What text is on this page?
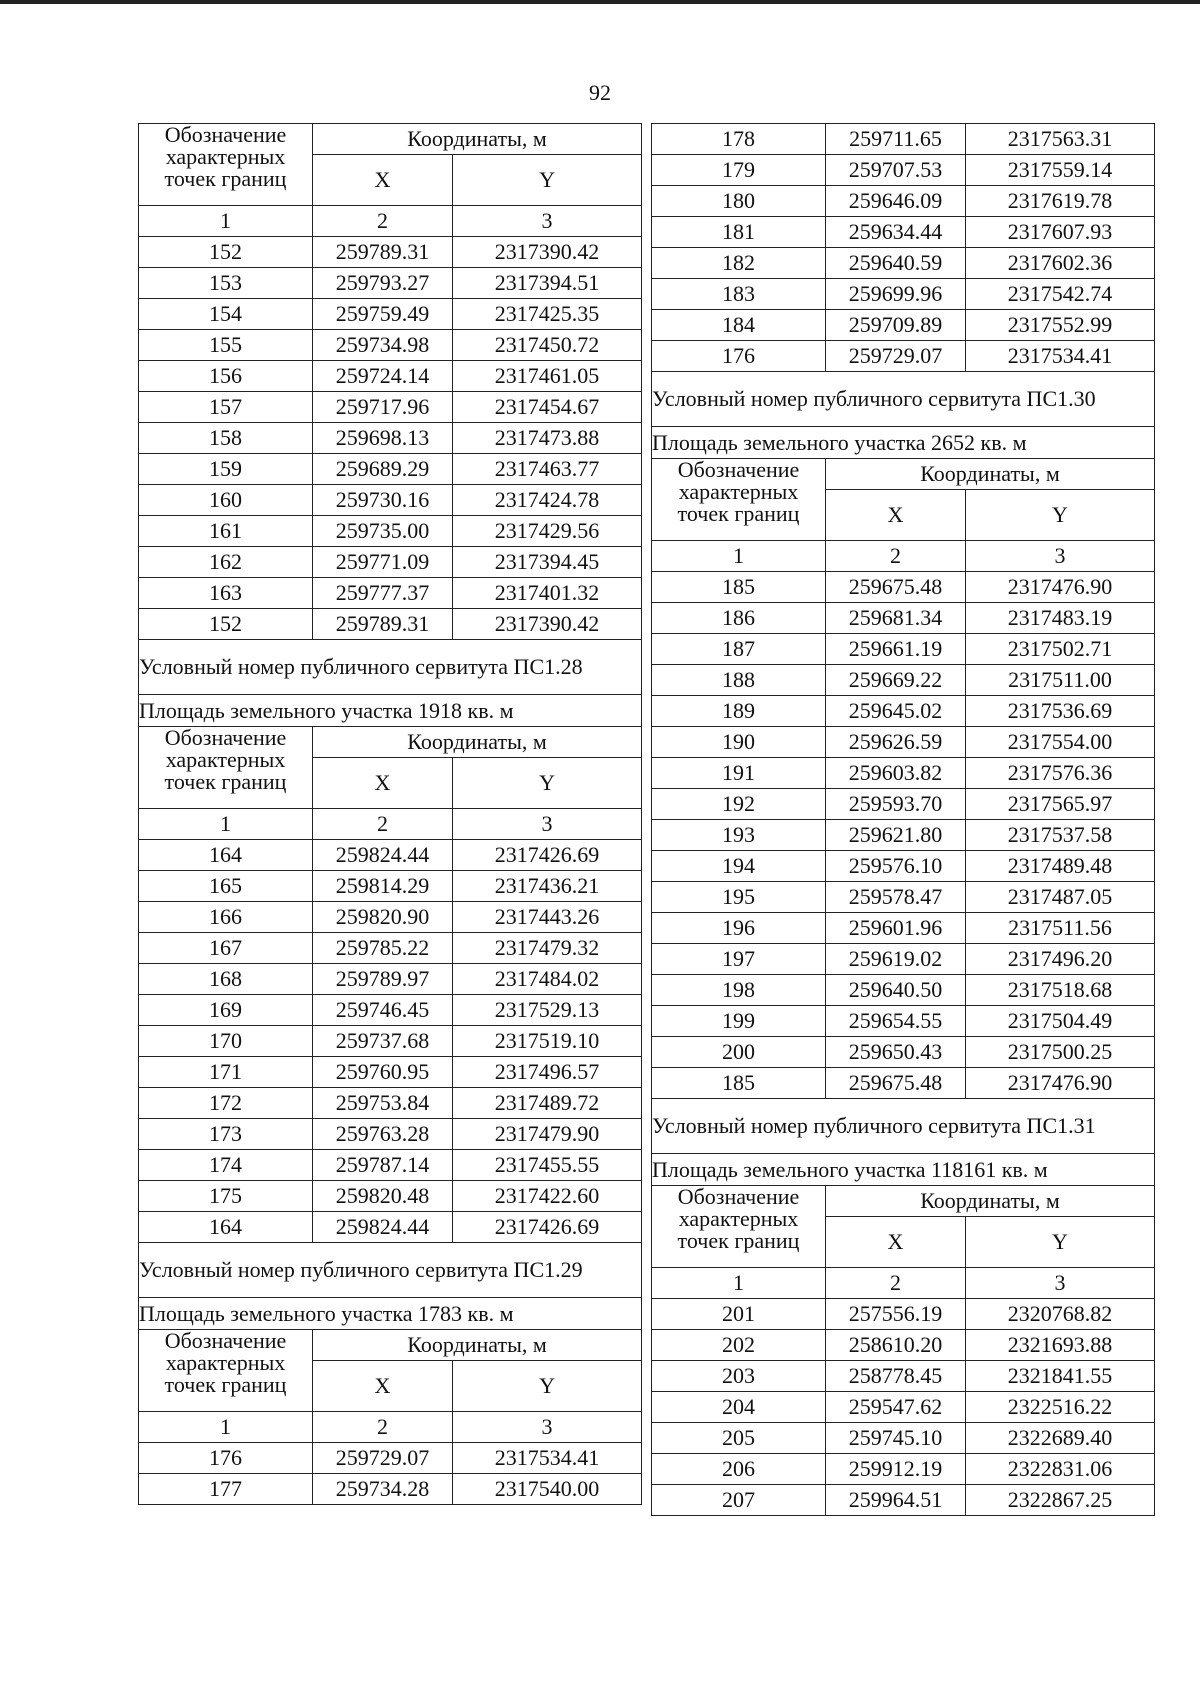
92
Обозначение характерных точек границ	Координаты, м	
	X	Y
1	2	3
152	259789.31	2317390.42
153	259793.27	2317394.51
154	259759.49	2317425.35
155	259734.98	2317450.72
156	259724.14	2317461.05
157	259717.96	2317454.67
158	259698.13	2317473.88
159	259689.29	2317463.77
160	259730.16	2317424.78
161	259735.00	2317429.56
162	259771.09	2317394.45
163	259777.37	2317401.32
152	259789.31	2317390.42
Условный номер публичного сервитута ПС1.28		
Площадь земельного участка 1918 кв. м		
Обозначение характерных точек границ	Координаты, м	
	X	Y
1	2	3
164	259824.44	2317426.69
165	259814.29	2317436.21
166	259820.90	2317443.26
167	259785.22	2317479.32
168	259789.97	2317484.02
169	259746.45	2317529.13
170	259737.68	2317519.10
171	259760.95	2317496.57
172	259753.84	2317489.72
173	259763.28	2317479.90
174	259787.14	2317455.55
175	259820.48	2317422.60
164	259824.44	2317426.69
Условный номер публичного сервитута ПС1.29		
Площадь земельного участка 1783 кв. м		
Обозначение характерных точек границ	Координаты, м	
	X	Y
1	2	3
176	259729.07	2317534.41
177	259734.28	2317540.00
178	259711.65	2317563.31
179	259707.53	2317559.14
180	259646.09	2317619.78
181	259634.44	2317607.93
182	259640.59	2317602.36
183	259699.96	2317542.74
184	259709.89	2317552.99
176	259729.07	2317534.41
Условный номер публичного сервитута ПС1.30		
Площадь земельного участка 2652 кв. м		
Обозначение характерных точек границ	Координаты, м	
	X	Y
1	2	3
185	259675.48	2317476.90
186	259681.34	2317483.19
187	259661.19	2317502.71
188	259669.22	2317511.00
189	259645.02	2317536.69
190	259626.59	2317554.00
191	259603.82	2317576.36
192	259593.70	2317565.97
193	259621.80	2317537.58
194	259576.10	2317489.48
195	259578.47	2317487.05
196	259601.96	2317511.56
197	259619.02	2317496.20
198	259640.50	2317518.68
199	259654.55	2317504.49
200	259650.43	2317500.25
185	259675.48	2317476.90
Условный номер публичного сервитута ПС1.31		
Площадь земельного участка 118161 кв. м		
Обозначение характерных точек границ	Координаты, м	
	X	Y
1	2	3
201	257556.19	2320768.82
202	258610.20	2321693.88
203	258778.45	2321841.55
204	259547.62	2322516.22
205	259745.10	2322689.40
206	259912.19	2322831.06
207	259964.51	2322867.25
